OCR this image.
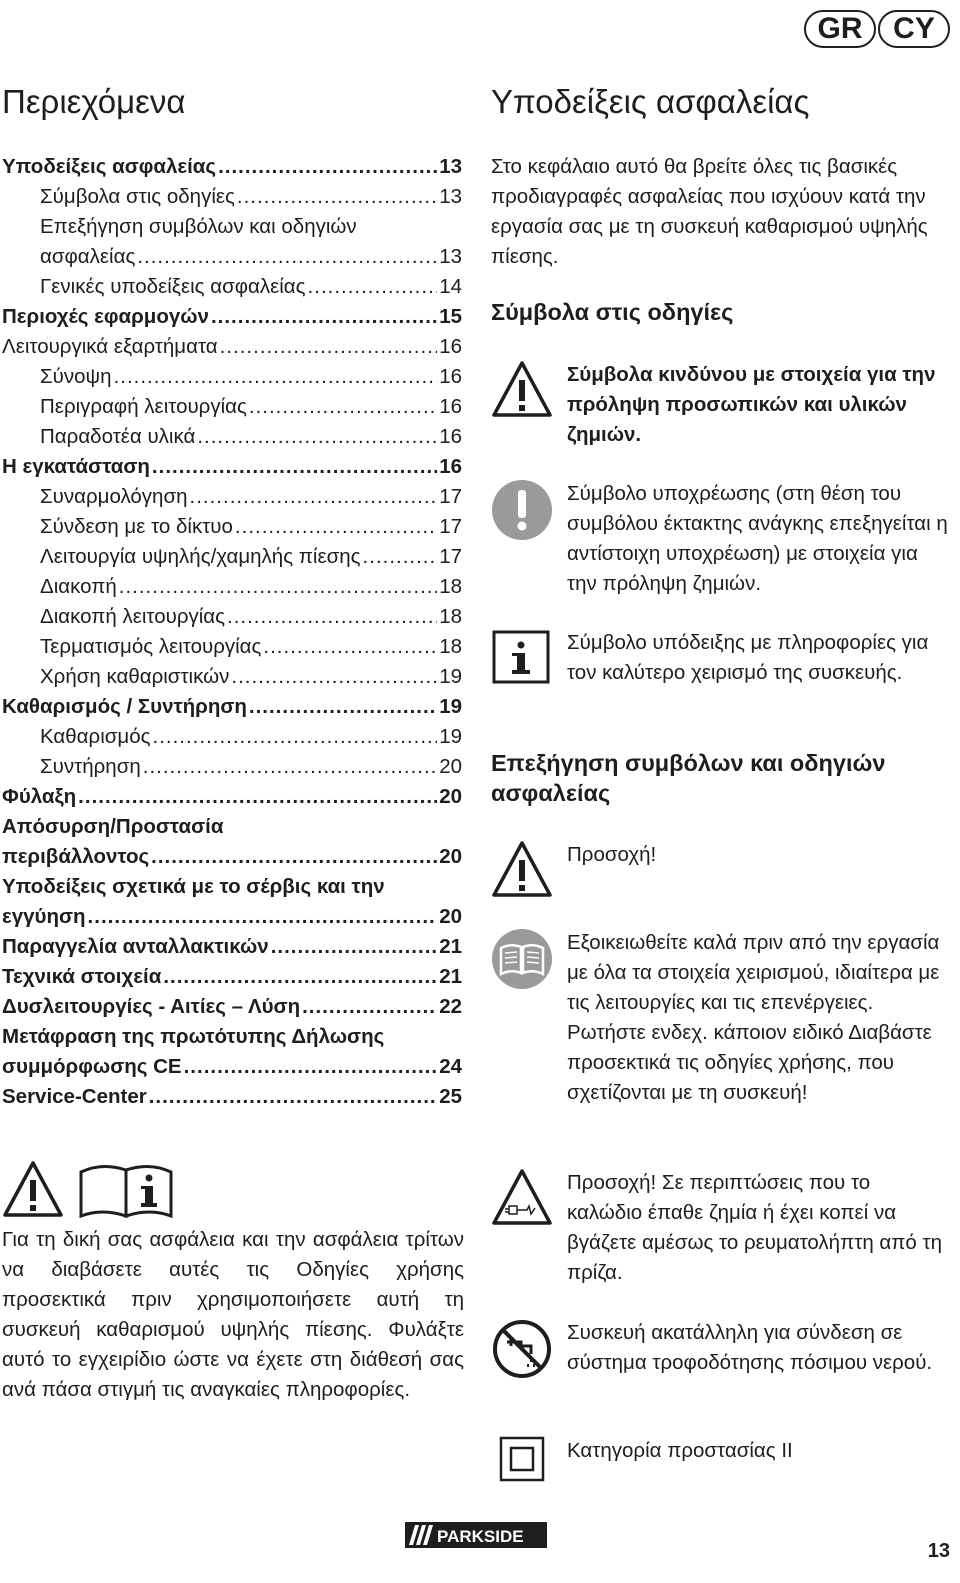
GR	CY
Περιεχόμενα	Υποδείξεις ασφαλείας
Υποδείξεις ασφαλείας .....	13
Σύμβολα στις οδηγίες .....	13
Επεξήγηση συμβόλων και οδηγιών
ασφαλείας .....	13
Γενικές υποδείξεις ασφαλείας .....	14
Περιοχές εφαρμογών .....	15
Λειτουργικά εξαρτήματα .....	16
Σύνοψη .....	16
Περιγραφή λειτουργίας .....	16
Παραδοτέα υλικά .....	16
Η εγκατάσταση .....	16
Συναρμολόγηση .....	17
Σύνδεση με το δίκτυο .....	17
Λειτουργία υψηλής/χαμηλής πίεσης .....	17
Διακοπή .....	18
Διακοπή λειτουργίας .....	18
Τερματισμός λειτουργίας .....	18
Χρήση καθαριστικών .....	19
Καθαρισμός / Συντήρηση .....	19
Καθαρισμός .....	19
Συντήρηση .....	20
Φύλαξη .....	20
Απόσυρση/Προστασία
περιβάλλοντος .....	20
Υποδείξεις σχετικά με το σέρβις και την
εγγύηση .....	20
Παραγγελία ανταλλακτικών .....	21
Τεχνικά στοιχεία .....	21
Δυσλειτουργίες - Αιτίες – Λύση .....	22
Μετάφραση της πρωτότυπης Δήλωσης
συμμόρφωσης CE .....	24
Service-Center .....	25

Για τη δική σας ασφάλεια και την ασφάλεια τρίτων να διαβάσετε αυτές τις Οδηγίες χρήσης προσεκτικά πριν χρησιμοποιήσετε αυτή τη συσκευή καθαρισμού υψηλής πίεσης. Φυλάξτε αυτό το εγχειρίδιο ώστε να έχετε στη διάθεσή σας ανά πάσα στιγμή τις αναγκαίες πληροφορίες.

Στο κεφάλαιο αυτό θα βρείτε όλες τις βασικές προδιαγραφές ασφαλείας που ισχύουν κατά την εργασία σας με τη συσκευή καθαρισμού υψηλής πίεσης.

Σύμβολα στις οδηγίες
Σύμβολα κινδύνου με στοιχεία για την πρόληψη προσωπικών και υλικών ζημιών.
Σύμβολο υποχρέωσης (στη θέση του συμβόλου έκτακτης ανάγκης επεξηγείται η αντίστοιχη υποχρέωση) με στοιχεία για την πρόληψη ζημιών.
Σύμβολο υπόδειξης με πληροφορίες για τον καλύτερο χειρισμό της συσκευής.
Επεξήγηση συμβόλων και οδηγιών ασφαλείας
Προσοχή!
Εξοικειωθείτε καλά πριν από την εργασία με όλα τα στοιχεία χειρισμού, ιδιαίτερα με τις λειτουργίες και τις επενέργειες. Ρωτήστε ενδεχ. κάποιον ειδικό Διαβάστε προσεκτικά τις οδηγίες χρήσης, που σχετίζονται με τη συσκευή!
Προσοχή! Σε περιπτώσεις που το καλώδιο έπαθε ζημία ή έχει κοπεί να βγάζετε αμέσως το ρευματολήπτη από τη πρίζα.
Συσκευή ακατάλληλη για σύνδεση σε σύστημα τροφοδότησης πόσιμου νερού.
Κατηγορία προστασίας II
PARKSIDE
13
